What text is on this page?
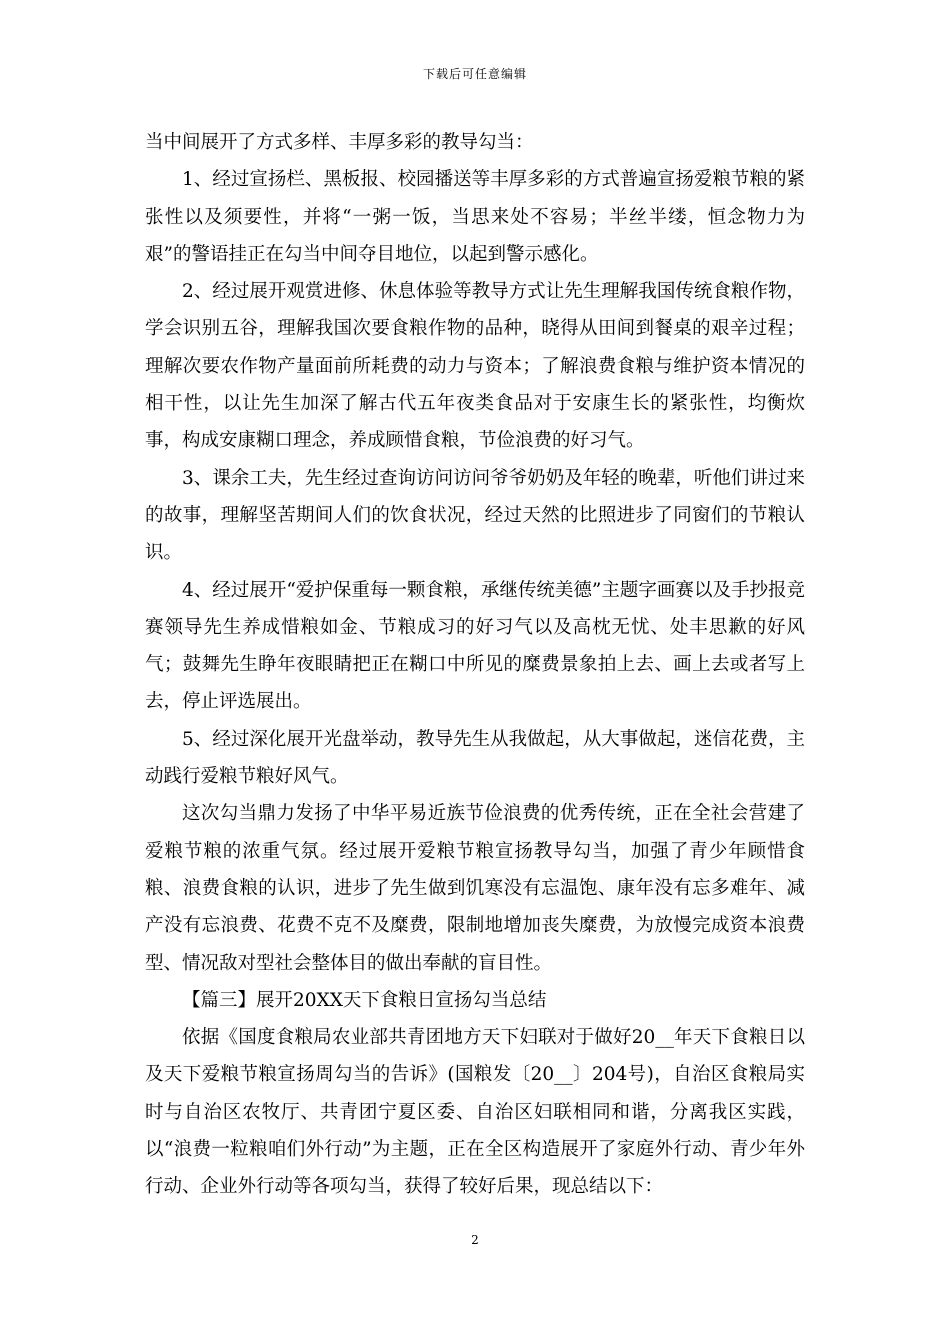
下载后可任意编辑

当中间展开了方式多样、丰厚多彩的教导勾当：

1、经过宣扬栏、黑板报、校园播送等丰厚多彩的方式普遍宣扬爱粮节粮的紧张性以及须要性，并将“一粥一饭，当思来处不容易；半丝半缕，恒念物力为艰”的警语挂正在勾当中间夺目地位，以起到警示感化。

2、经过展开观赏进修、休息体验等教导方式让先生理解我国传统食粮作物，学会识别五谷，理解我国次要食粮作物的品种，晓得从田间到餐桌的艰辛过程；理解次要农作物产量面前所耗费的动力与资本；了解浪费食粮与维护资本情况的相干性，以让先生加深了解古代五年夜类食品对于安康生长的紧张性，均衡炊事，构成安康糊口理念，养成顾惜食粮，节俭浪费的好习气。

3、课余工夫，先生经过查询访问访问爷爷奶奶及年轻的晚辈，听他们讲过来的故事，理解坚苦期间人们的饮食状况，经过天然的比照进步了同窗们的节粮认识。

4、经过展开“爱护保重每一颗食粮，承继传统美德”主题字画赛以及手抄报竞赛领导先生养成惜粮如金、节粮成习的好习气以及高枕无忧、处丰思歉的好风气；鼓舞先生睁年夜眼睛把正在糊口中所见的糜费景象拍上去、画上去或者写上去，停止评选展出。

5、经过深化展开光盘举动，教导先生从我做起，从大事做起，迷信花费，主动践行爱粮节粮好风气。

这次勾当鼎力发扬了中华平易近族节俭浪费的优秀传统，正在全社会营建了爱粮节粮的浓重气氛。经过展开爱粮节粮宣扬教导勾当，加强了青少年顾惜食粮、浪费食粮的认识，进步了先生做到饥寒没有忘温饱、康年没有忘多难年、减产没有忘浪费、花费不克不及糜费，限制地增加丧失糜费，为放慢完成资本浪费型、情况敌对型社会整体目的做出奉献的盲目性。

【篇三】展开20XX天下食粮日宣扬勾当总结

依据《国度食粮局农业部共青团地方天下妇联对于做好20__年天下食粮日以及天下爱粮节粮宣扬周勾当的告诉》(国粮发〔20__〕204号)，自治区食粮局实时与自治区农牧厅、共青团宁夏区委、自治区妇联相同和谐，分离我区实践，以“浪费一粒粮咱们外行动”为主题，正在全区构造展开了家庭外行动、青少年外行动、企业外行动等各项勾当，获得了较好后果，现总结以下：

2
